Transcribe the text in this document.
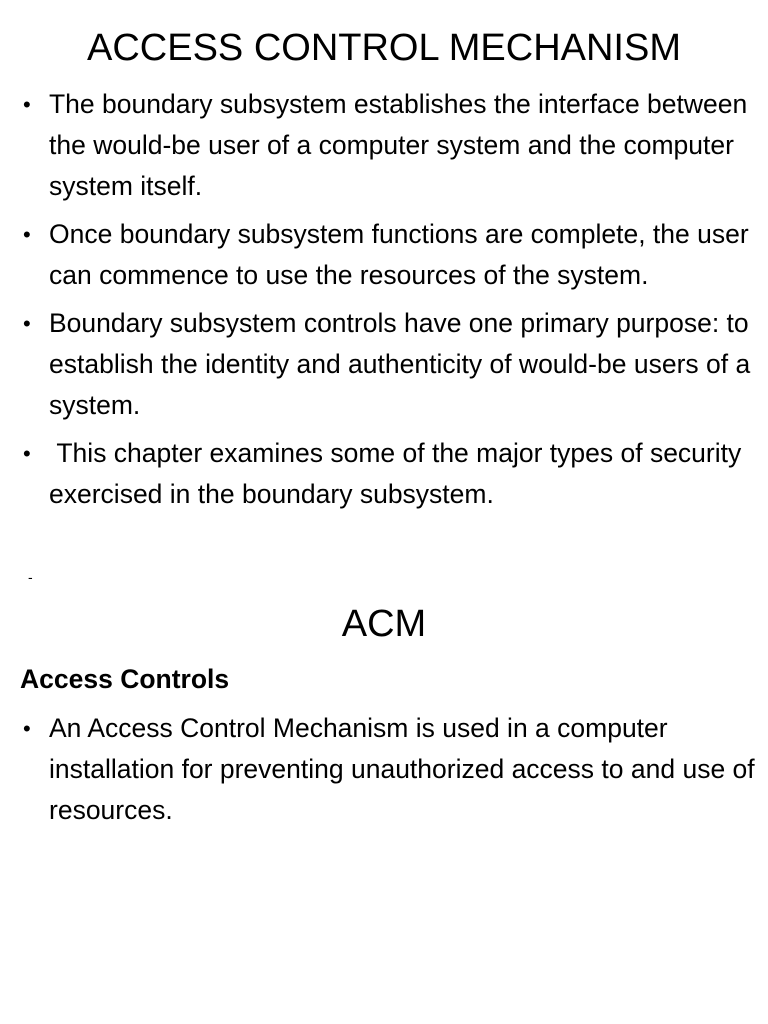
ACCESS CONTROL MECHANISM
• The boundary subsystem establishes the interface between the would-be user of a computer system and the computer system itself.
• Once boundary subsystem functions are complete, the user can commence to use the resources of the system.
• Boundary subsystem controls have one primary purpose: to establish the identity and authenticity of would-be users of a system.
• This chapter examines some of the major types of security exercised in the boundary subsystem.
-
ACM
Access Controls
• An Access Control Mechanism is used in a computer installation for preventing unauthorized access to and use of resources.
